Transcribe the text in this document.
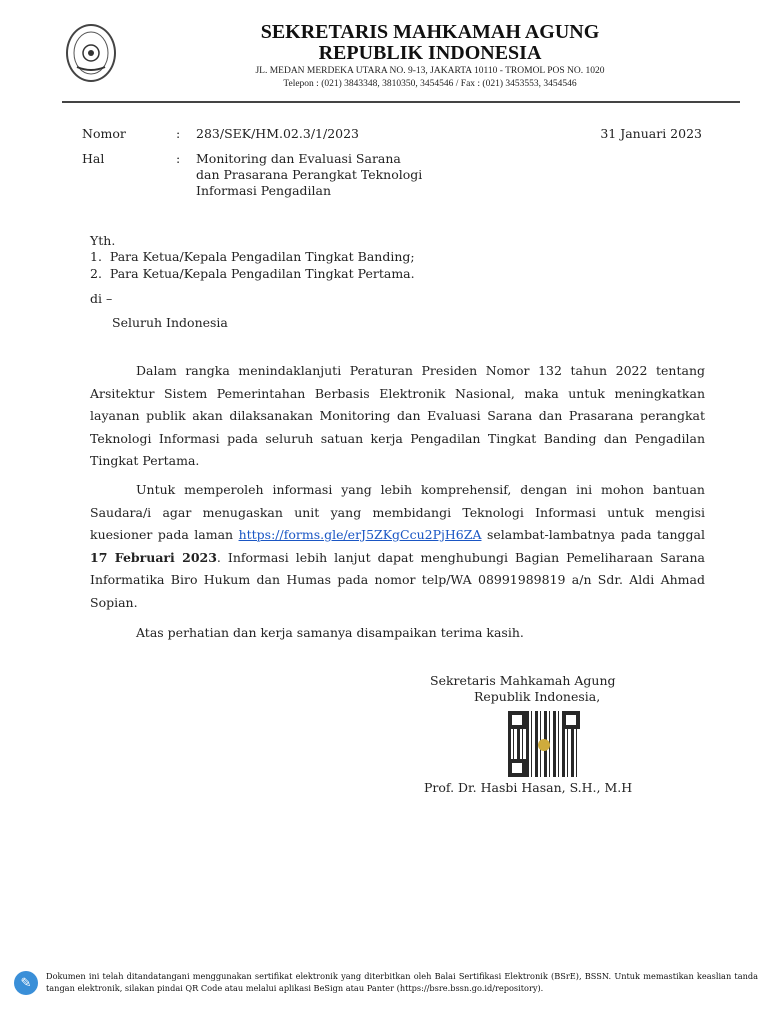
SEKRETARIS MAHKAMAH AGUNG
REPUBLIK INDONESIA
JL. MEDAN MERDEKA UTARA NO. 9-13, JAKARTA 10110 - TROMOL POS NO. 1020
Telepon : (021) 3843348, 3810350, 3454546 / Fax : (021) 3453553, 3454546
Nomor	: 283/SEK/HM.02.3/1/2023	31 Januari 2023
Hal	: Monitoring dan Evaluasi Sarana
dan Prasarana Perangkat Teknologi
Informasi Pengadilan
Yth.
1.  Para Ketua/Kepala Pengadilan Tingkat Banding;
2.  Para Ketua/Kepala Pengadilan Tingkat Pertama.
di –
Seluruh Indonesia
Dalam rangka menindaklanjuti Peraturan Presiden Nomor 132 tahun 2022 tentang Arsitektur Sistem Pemerintahan Berbasis Elektronik Nasional, maka untuk meningkatkan layanan publik akan dilaksanakan Monitoring dan Evaluasi Sarana dan Prasarana perangkat Teknologi Informasi pada seluruh satuan kerja Pengadilan Tingkat Banding dan Pengadilan Tingkat Pertama.
Untuk memperoleh informasi yang lebih komprehensif, dengan ini mohon bantuan Saudara/i agar menugaskan unit yang membidangi Teknologi Informasi untuk mengisi kuesioner pada laman https://forms.gle/erJ5ZKgCcu2PjH6ZA selambat-lambatnya pada tanggal 17 Februari 2023. Informasi lebih lanjut dapat menghubungi Bagian Pemeliharaan Sarana Informatika Biro Hukum dan Humas pada nomor telp/WA 08991989819 a/n Sdr. Aldi Ahmad Sopian.
Atas perhatian dan kerja samanya disampaikan terima kasih.
Sekretaris Mahkamah Agung
Republik Indonesia,
Prof. Dr. Hasbi Hasan, S.H., M.H
✎	Dokumen ini telah ditandatangani menggunakan sertifikat elektronik yang diterbitkan oleh Balai Sertifikasi Elektronik (BSrE), BSSN. Untuk memastikan keaslian tanda tangan elektronik, silakan pindai QR Code atau melalui aplikasi BeSign atau Panter (https://bsre.bssn.go.id/repository).
